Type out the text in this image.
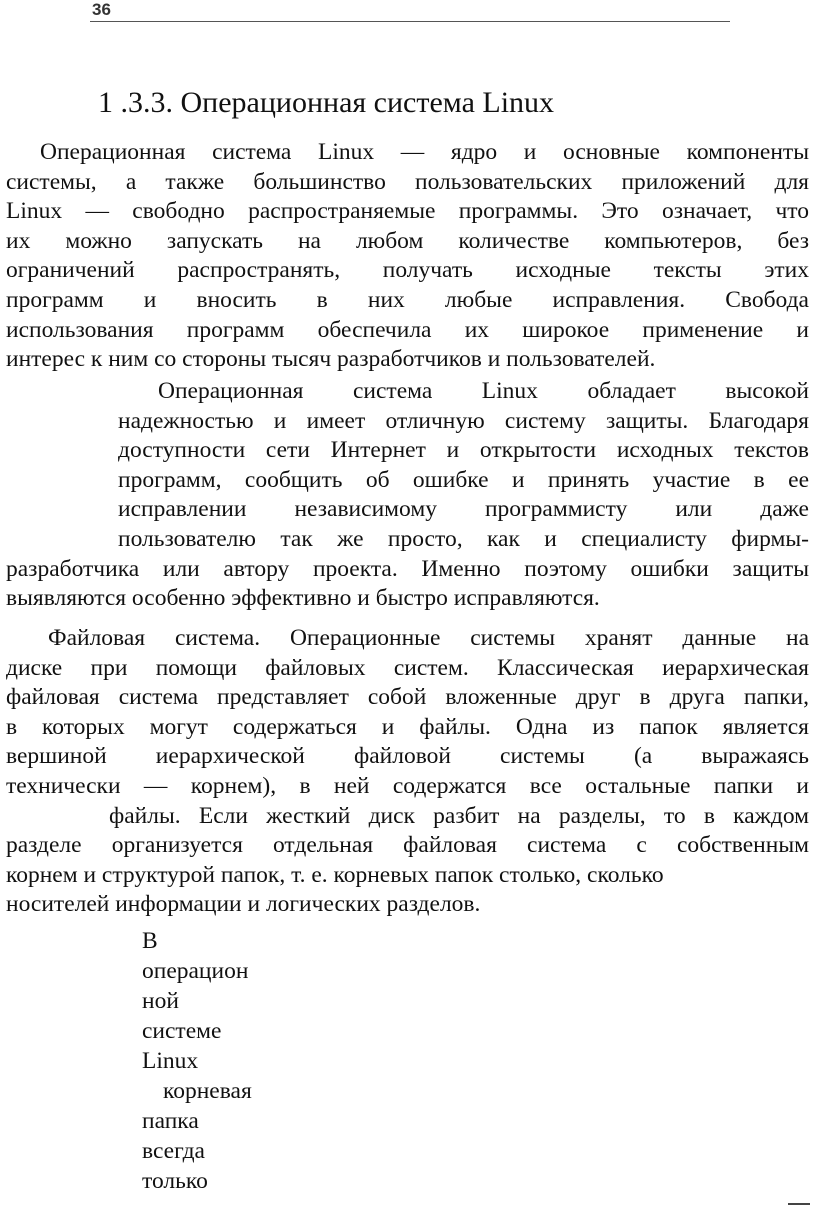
36
1 .3.3. Операционная система Linux

Операционная система Linux — ядро и основные компоненты
системы, а также большинство пользовательских приложений для
Linux — свободно распространяемые программы. Это означает, что
их можно запускать на любом количестве компьютеров, без
ограничений распространять, получать исходные тексты этих
программ и вносить в них любые исправления. Свобода
использования программ обеспечила их широкое применение и
интерес к ним со стороны тысяч разработчиков и пользователей.

Операционная система Linux обладает высокой
надежностью и имеет отличную систему защиты. Благодаря
доступности сети Интернет и открытости исходных текстов
программ, сообщить об ошибке и принять участие в ее
исправлении независимому программисту или даже
пользователю так же просто, как и специалисту фирмы-
разработчика или автору проекта. Именно поэтому ошибки защиты
выявляются особенно эффективно и быстро исправляются.

Файловая система. Операционные системы хранят данные на
диске при помощи файловых систем. Классическая иерархическая
файловая система представляет собой вложенные друг в друга папки,
в которых могут содержаться и файлы. Одна из папок является
вершиной иерархической файловой системы (а выражаясь
технически — корнем), в ней содержатся все остальные папки и
файлы. Если жесткий диск разбит на разделы, то в каждом
разделе организуется отдельная файловая система с собственным
корнем и структурой папок, т. е. корневых папок столько, сколько
носителей информации и логических разделов.

В
операцион
ной
системе
Linux
корневая
папка
всегда
только
